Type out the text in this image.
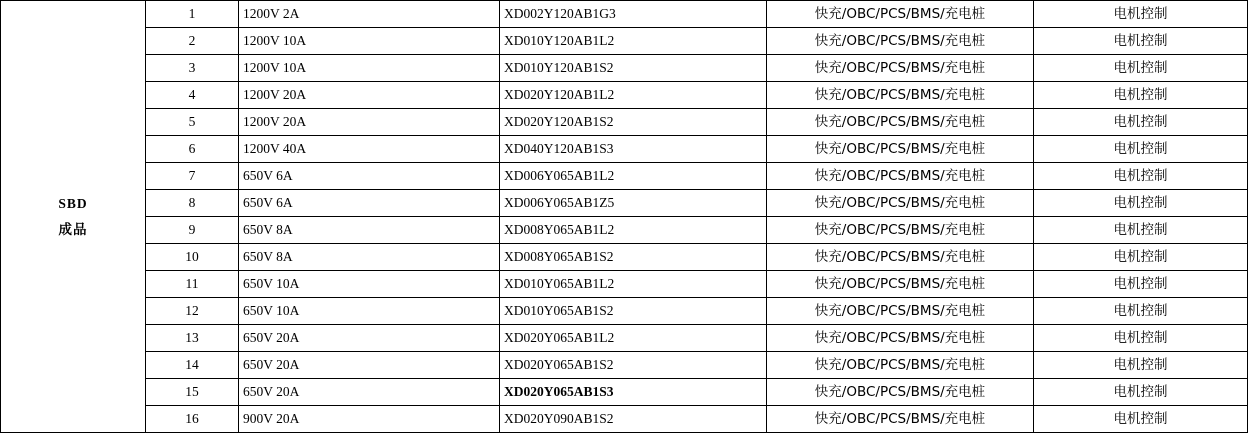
SBD
成品	1	1200V 2A	XD002Y120AB1G3	快充/OBC/PCS/BMS/充电桩	电机控制
	2	1200V 10A	XD010Y120AB1L2	快充/OBC/PCS/BMS/充电桩	电机控制
	3	1200V 10A	XD010Y120AB1S2	快充/OBC/PCS/BMS/充电桩	电机控制
	4	1200V 20A	XD020Y120AB1L2	快充/OBC/PCS/BMS/充电桩	电机控制
	5	1200V 20A	XD020Y120AB1S2	快充/OBC/PCS/BMS/充电桩	电机控制
	6	1200V 40A	XD040Y120AB1S3	快充/OBC/PCS/BMS/充电桩	电机控制
	7	650V 6A	XD006Y065AB1L2	快充/OBC/PCS/BMS/充电桩	电机控制
	8	650V 6A	XD006Y065AB1Z5	快充/OBC/PCS/BMS/充电桩	电机控制
	9	650V 8A	XD008Y065AB1L2	快充/OBC/PCS/BMS/充电桩	电机控制
	10	650V 8A	XD008Y065AB1S2	快充/OBC/PCS/BMS/充电桩	电机控制
	11	650V 10A	XD010Y065AB1L2	快充/OBC/PCS/BMS/充电桩	电机控制
	12	650V 10A	XD010Y065AB1S2	快充/OBC/PCS/BMS/充电桩	电机控制
	13	650V 20A	XD020Y065AB1L2	快充/OBC/PCS/BMS/充电桩	电机控制
	14	650V 20A	XD020Y065AB1S2	快充/OBC/PCS/BMS/充电桩	电机控制
	15	650V 20A	XD020Y065AB1S3	快充/OBC/PCS/BMS/充电桩	电机控制
	16	900V 20A	XD020Y090AB1S2	快充/OBC/PCS/BMS/充电桩	电机控制
